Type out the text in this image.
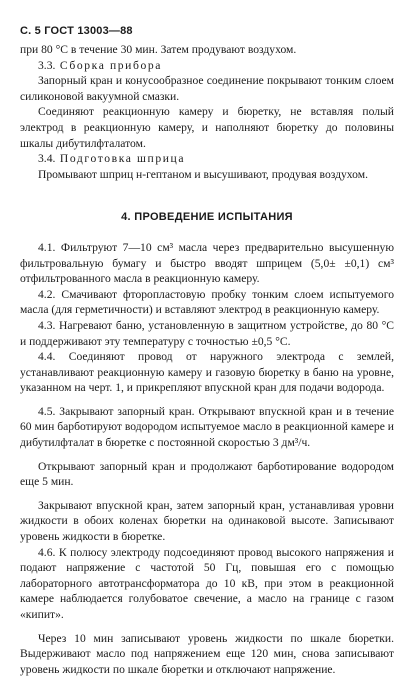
С. 5 ГОСТ 13003—88

при 80 °С в течение 30 мин. Затем продувают воздухом.

3.3. Сборка прибора

Запорный кран и конусообразное соединение покрывают тонким слоем силиконовой вакуумной смазки.

Соединяют реакционную камеру и бюретку, не вставляя полый электрод в реакционную камеру, и наполняют бюретку до половины шкалы дибутилфталатом.

3.4. Подготовка шприца

Промывают шприц н-гептаном и высушивают, продувая воздухом.

4. ПРОВЕДЕНИЕ ИСПЫТАНИЯ

4.1. Фильтруют 7—10 см³ масла через предварительно высушенную фильтровальную бумагу и быстро вводят шприцем (5,0± ±0,1) см³ отфильтрованного масла в реакционную камеру.

4.2. Смачивают фторопластовую пробку тонким слоем испытуемого масла (для герметичности) и вставляют электрод в реакционную камеру.

4.3. Нагревают баню, установленную в защитном устройстве, до 80 °С и поддерживают эту температуру с точностью ±0,5 °С.

4.4. Соединяют провод от наружного электрода с землей, устанавливают реакционную камеру и газовую бюретку в баню на уровне, указанном на черт. 1, и прикрепляют впускной кран для подачи водорода.

4.5. Закрывают запорный кран. Открывают впускной кран и в течение 60 мин барботируют водородом испытуемое масло в реакционной камере и дибутилфталат в бюретке с постоянной скоростью 3 дм³/ч.

Открывают запорный кран и продолжают барботирование водородом еще 5 мин.

Закрывают впускной кран, затем запорный кран, устанавливая уровни жидкости в обоих коленах бюретки на одинаковой высоте. Записывают уровень жидкости в бюретке.

4.6. К полюсу электроду подсоединяют провод высокого напряжения и подают напряжение с частотой 50 Гц, повышая его с помощью лабораторного автотрансформатора до 10 кВ, при этом в реакционной камере наблюдается голубоватое свечение, а масло на границе с газом «кипит».

Через 10 мин записывают уровень жидкости по шкале бюретки. Выдерживают масло под напряжением еще 120 мин, снова записывают уровень жидкости по шкале бюретки и отключают напряжение.
